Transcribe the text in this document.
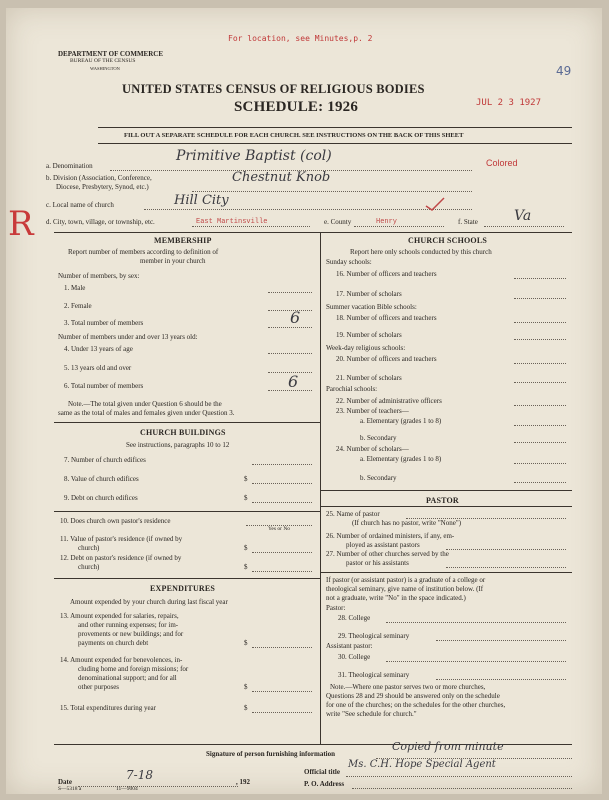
DEPARTMENT OF COMMERCE
BUREAU OF THE CENSUS
WASHINGTON
For location, see Minutes,p. 2
49
UNITED STATES CENSUS OF RELIGIOUS BODIES
SCHEDULE: 1926	JUL 2 3 1927
FILL OUT A SEPARATE SCHEDULE FOR EACH CHURCH. SEE INSTRUCTIONS ON THE BACK OF THIS SHEET
a. Denomination
Primitive Baptist (col)	Colored
b. Division (Association, Conference,
Diocese, Presbytery, Synod, etc.)
Chestnut Knob
c. Local name of church	Hill City
d. City, town, village, or township, etc.	East Martinsville	e. County	Henry	f. State	Va
R	MEMBERSHIP
Report number of members according to definition of
member in your church
Number of members, by sex:
1. Male
2. Female
3. Total number of members	6
Number of members under and over 13 years old:
4. Under 13 years of age
5. 13 years old and over
6. Total number of members	6
Note.—The total given under Question 6 should be the
same as the total of males and females given under Question 3.
CHURCH BUILDINGS
See instructions, paragraphs 10 to 12
7. Number of church edifices
8. Value of church edifices	$
9. Debt on church edifices	$
10. Does church own pastor's residence
Yes or No
11. Value of pastor's residence (if owned by
church)	$
12. Debt on pastor's residence (if owned by
church)	$
EXPENDITURES
Amount expended by your church during last fiscal year
13. Amount expended for salaries, repairs,
and other running expenses; for im-
provements or new buildings; and for
payments on church debt	$
14. Amount expended for benevolences, in-
cluding home and foreign missions; for
denominational support; and for all
other purposes	$
15. Total expenditures during year	$
CHURCH SCHOOLS
Report here only schools conducted by this church
Sunday schools:
16. Number of officers and teachers
17. Number of scholars
Summer vacation Bible schools:
18. Number of officers and teachers
19. Number of scholars
Week-day religious schools:
20. Number of officers and teachers
21. Number of scholars
Parochial schools:
22. Number of administrative officers
23. Number of teachers—
a. Elementary (grades 1 to 8)
b. Secondary
24. Number of scholars—
a. Elementary (grades 1 to 8)
b. Secondary
PASTOR
25. Name of pastor
(If church has no pastor, write "None")
26. Number of ordained ministers, if any, em-
ployed as assistant pastors
27. Number of other churches served by the
pastor or his assistants
If pastor (or assistant pastor) is a graduate of a college or
theological seminary, give name of institution below. (If
not a graduate, write "No" in the space indicated.)
Pastor:
28. College
29. Theological seminary
Assistant pastor:
30. College
31. Theological seminary
Note.—Where one pastor serves two or more churches,
Questions 28 and 29 should be answered only on the schedule
for one of the churches; on the schedules for the other churches,
write "See schedule for church."
Signature of person furnishing information
Copied from minute
Official title
Ms. C.H. Hope Special Agent
Date	7-18	, 192	P. O. Address
S—5318 a	11—9004
